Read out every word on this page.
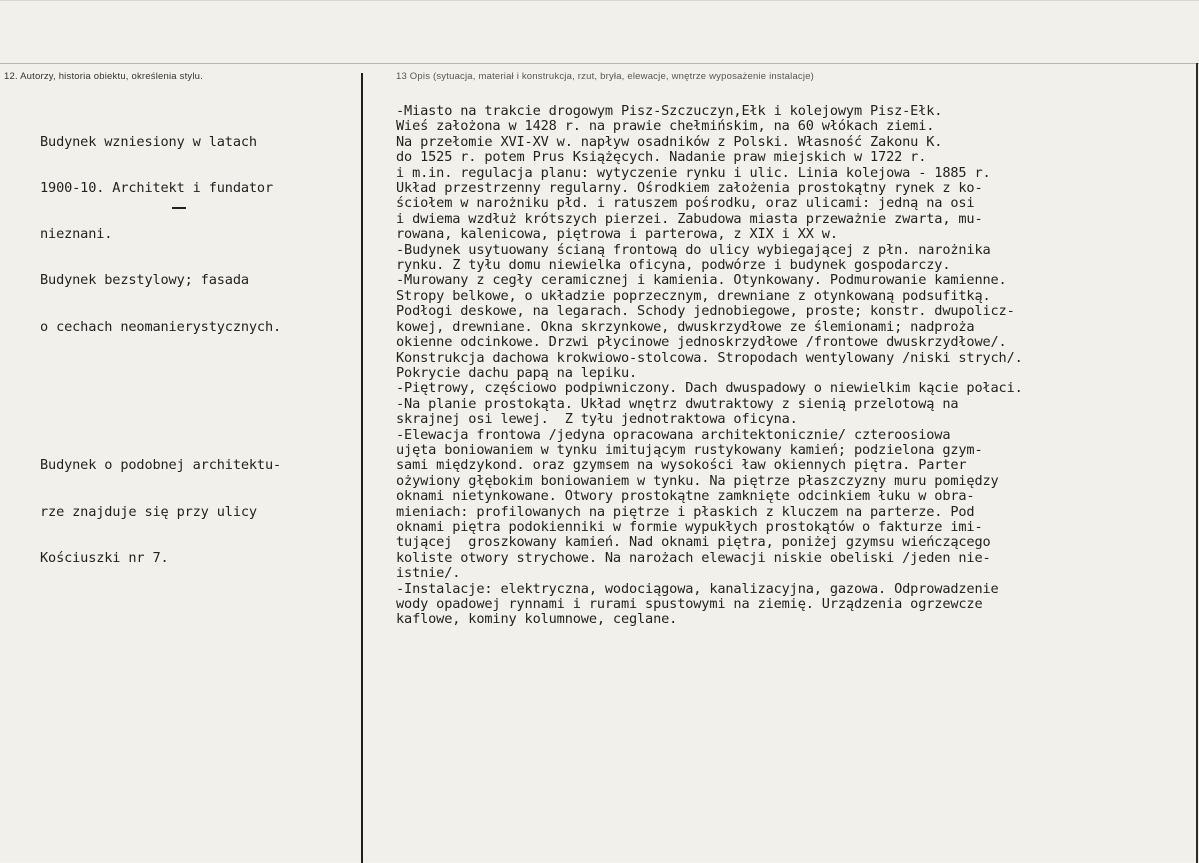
12. Autorzy, historia obiektu, określenia stylu.	13 Opis (sytuacja, materiał i konstrukcja, rzut, bryła, elewacje, wnętrze wyposażenie instalacje)

Budynek wzniesiony w latach

1900-10. Architekt i fundator

nieznani.

Budynek bezstylowy; fasada

o cechach neomanierystycznych.

Budynek o podobnej architektu-

rze znajduje się przy ulicy

Kościuszki nr 7.

-Miasto na trakcie drogowym Pisz-Szczuczyn,Ełk i kolejowym Pisz-Ełk.

Wieś założona w 1428 r. na prawie chełmińskim, na 60 włókach ziemi.

Na przełomie XVI-XV w. napływ osadników z Polski. Własność Zakonu K.

do 1525 r. potem Prus Książęcych. Nadanie praw miejskich w 1722 r.

i m.in. regulacja planu: wytyczenie rynku i ulic. Linia kolejowa - 1885 r.

Układ przestrzenny regularny. Ośrodkiem założenia prostokątny rynek z ko-

ściołem w narożniku płd. i ratuszem pośrodku, oraz ulicami: jedną na osi

i dwiema wzdłuż krótszych pierzei. Zabudowa miasta przeważnie zwarta, mu-

rowana, kalenicowa, piętrowa i parterowa, z XIX i XX w.

-Budynek usytuowany ścianą frontową do ulicy wybiegającej z płn. narożnika

rynku. Z tyłu domu niewielka oficyna, podwórze i budynek gospodarczy.

-Murowany z cegły ceramicznej i kamienia. Otynkowany. Podmurowanie kamienne.

Stropy belkowe, o układzie poprzecznym, drewniane z otynkowaną podsufitką.

Podłogi deskowe, na legarach. Schody jednobiegowe, proste; konstr. dwupolicz-

kowej, drewniane. Okna skrzynkowe, dwuskrzydłowe ze ślemionami; nadproża

okienne odcinkowe. Drzwi płycinowe jednoskrzydłowe /frontowe dwuskrzydłowe/.

Konstrukcja dachowa krokwiowo-stolcowa. Stropodach wentylowany /niski strych/.

Pokrycie dachu papą na lepiku.

-Piętrowy, częściowo podpiwniczony. Dach dwuspadowy o niewielkim kącie połaci.

-Na planie prostokąta. Układ wnętrz dwutraktowy z sienią przelotową na

skrajnej osi lewej.  Z tyłu jednotraktowa oficyna.

-Elewacja frontowa /jedyna opracowana architektonicznie/ czteroosiowa

ujęta boniowaniem w tynku imitującym rustykowany kamień; podzielona gzym-

sami międzykond. oraz gzymsem na wysokości ław okiennych piętra. Parter

ożywiony głębokim boniowaniem w tynku. Na piętrze płaszczyzny muru pomiędzy

oknami nietynkowane. Otwory prostokątne zamknięte odcinkiem łuku w obra-

mieniach: profilowanych na piętrze i płaskich z kluczem na parterze. Pod

oknami piętra podokienniki w formie wypukłych prostokątów o fakturze imi-

tującej  groszkowany kamień. Nad oknami piętra, poniżej gzymsu wieńczącego

koliste otwory strychowe. Na narożach elewacji niskie obeliski /jeden nie-

istnie/.

-Instalacje: elektryczna, wodociągowa, kanalizacyjna, gazowa. Odprowadzenie

wody opadowej rynnami i rurami spustowymi na ziemię. Urządzenia ogrzewcze

kaflowe, kominy kolumnowe, ceglane.
